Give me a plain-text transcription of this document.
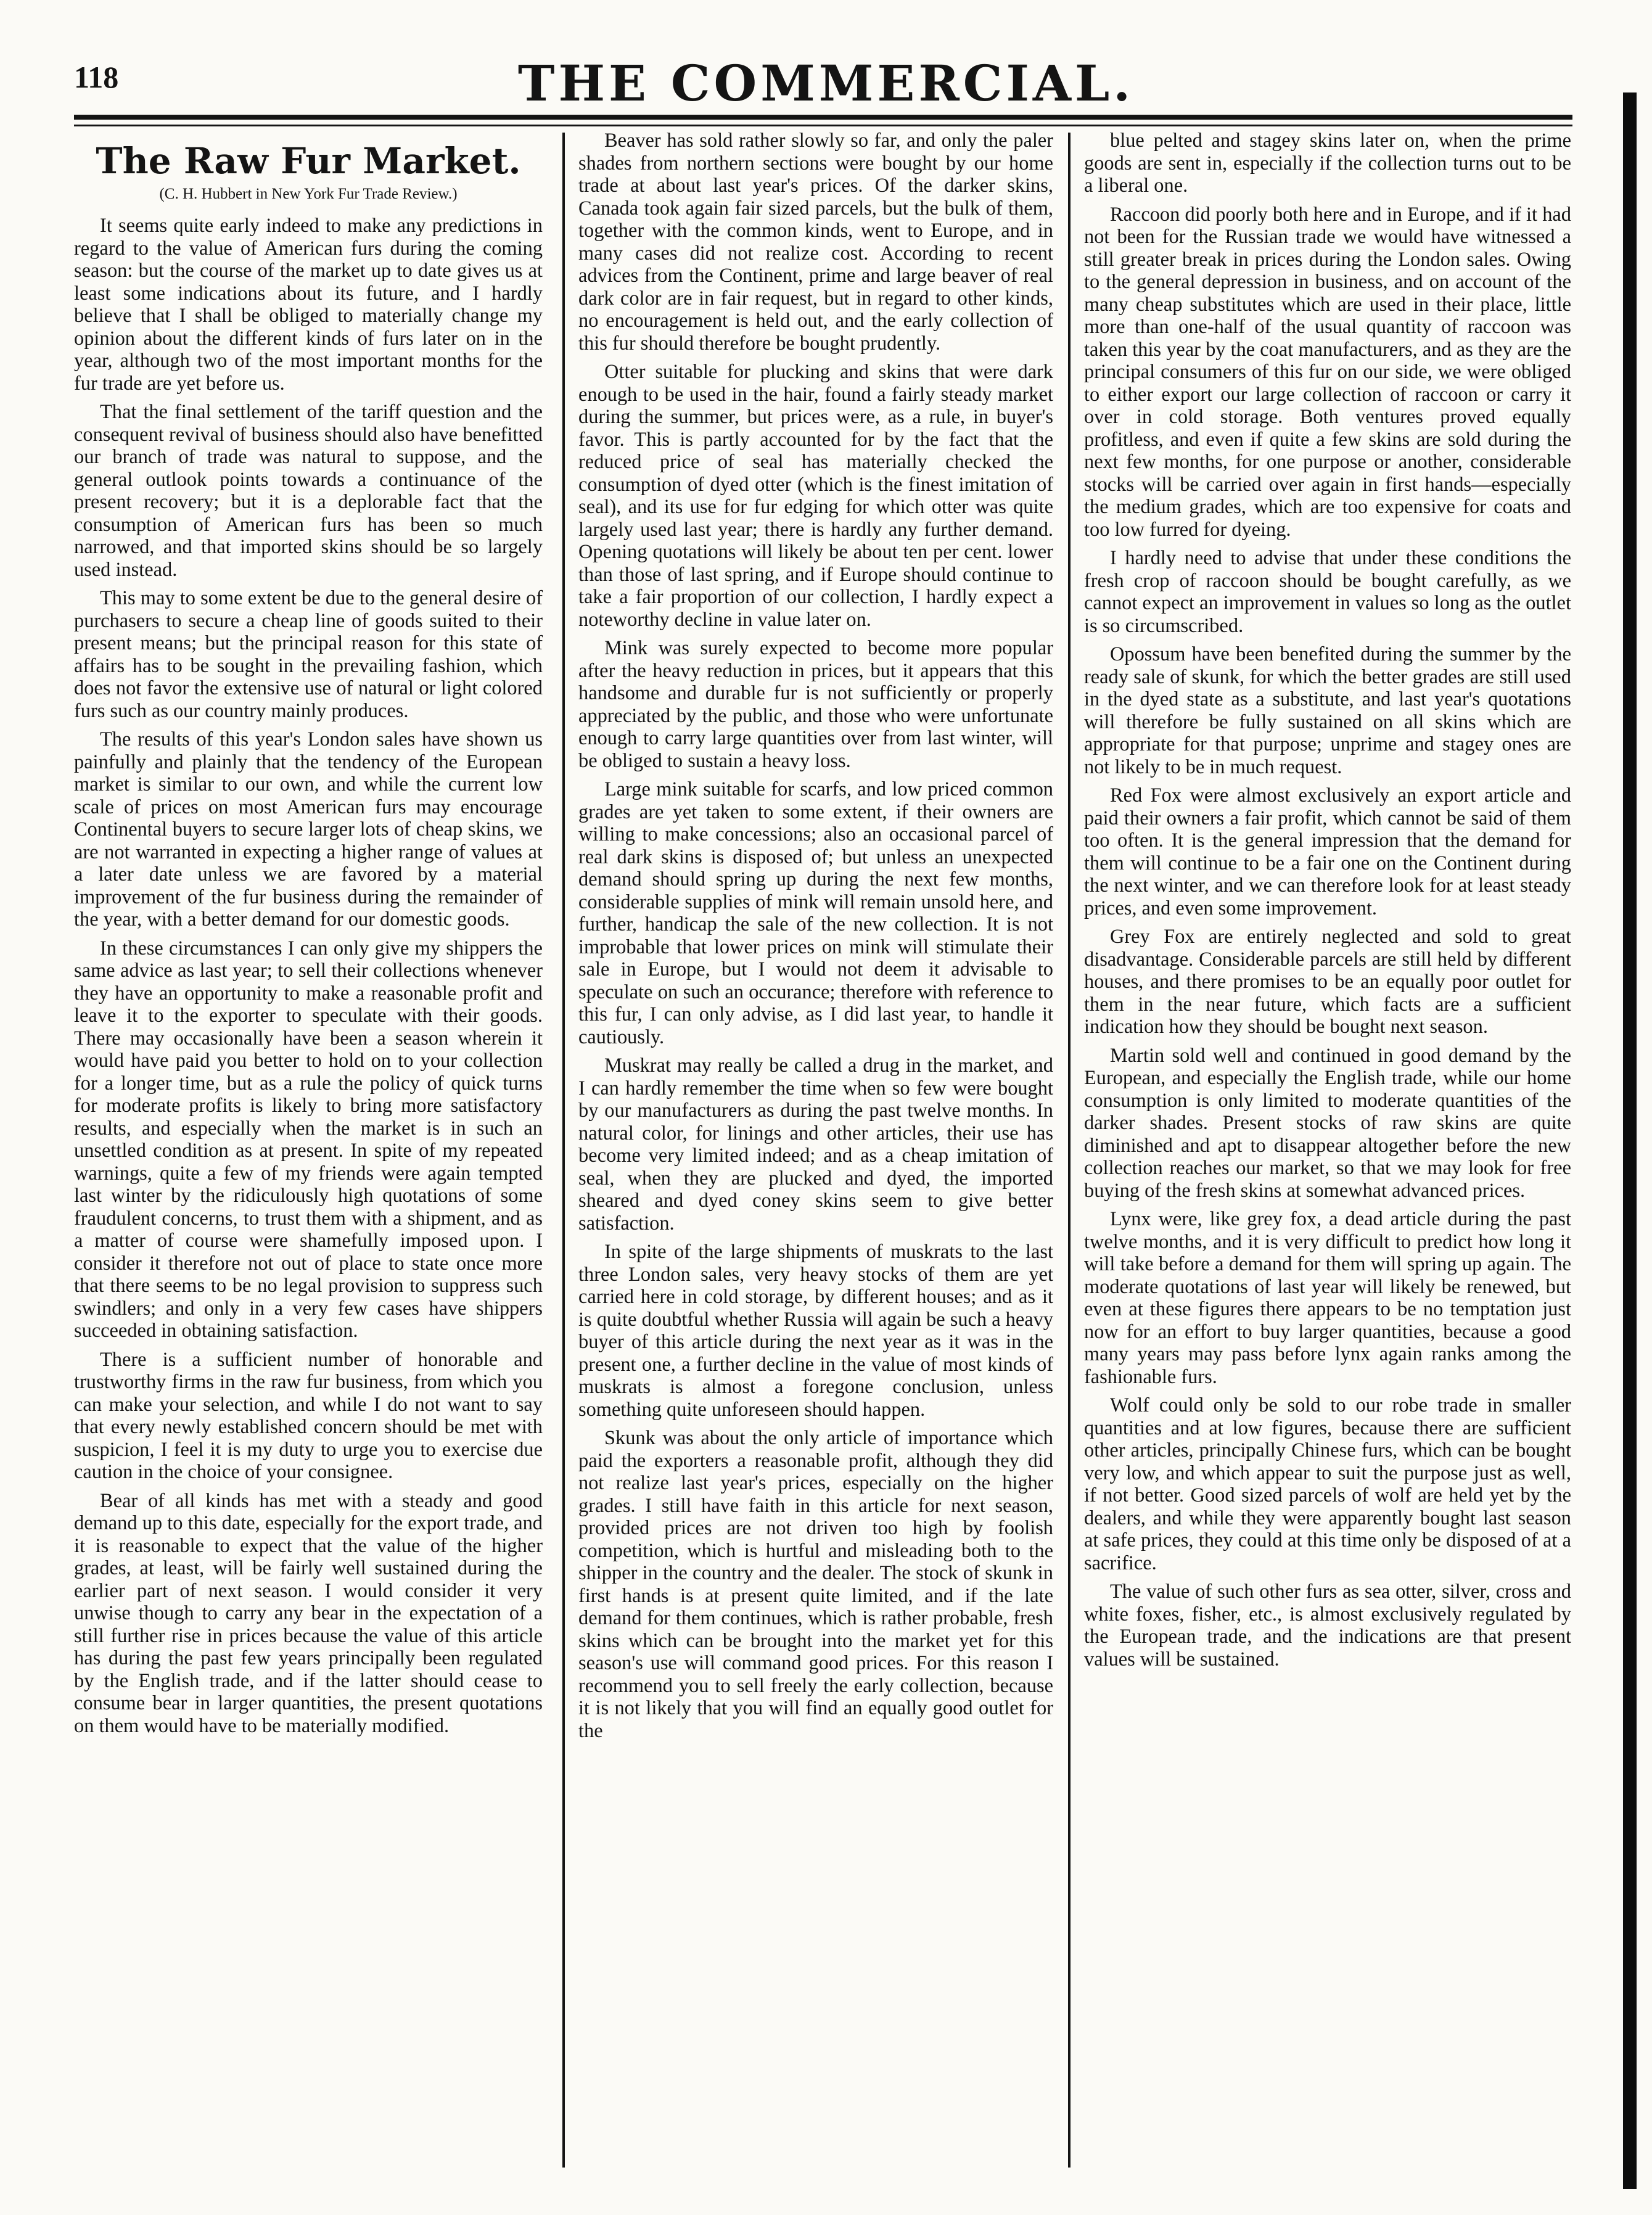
118	THE COMMERCIAL.
The Raw Fur Market.
(C. H. Hubbert in New York Fur Trade Review.)

It seems quite early indeed to make any predictions in regard to the value of American furs during the coming season: but the course of the market up to date gives us at least some indications about its future, and I hardly believe that I shall be obliged to materially change my opinion about the different kinds of furs later on in the year, although two of the most important months for the fur trade are yet before us.

That the final settlement of the tariff question and the consequent revival of business should also have benefitted our branch of trade was natural to suppose, and the general outlook points towards a continuance of the present recovery; but it is a deplorable fact that the consumption of American furs has been so much narrowed, and that imported skins should be so largely used instead.

This may to some extent be due to the general desire of purchasers to secure a cheap line of goods suited to their present means; but the principal reason for this state of affairs has to be sought in the prevailing fashion, which does not favor the extensive use of natural or light colored furs such as our country mainly produces.

The results of this year's London sales have shown us painfully and plainly that the tendency of the European market is similar to our own, and while the current low scale of prices on most American furs may encourage Continental buyers to secure larger lots of cheap skins, we are not warranted in expecting a higher range of values at a later date unless we are favored by a material improvement of the fur business during the remainder of the year, with a better demand for our domestic goods.

In these circumstances I can only give my shippers the same advice as last year; to sell their collections whenever they have an opportunity to make a reasonable profit and leave it to the exporter to speculate with their goods. There may occasionally have been a season wherein it would have paid you better to hold on to your collection for a longer time, but as a rule the policy of quick turns for moderate profits is likely to bring more satisfactory results, and especially when the market is in such an unsettled condition as at present. In spite of my repeated warnings, quite a few of my friends were again tempted last winter by the ridiculously high quotations of some fraudulent concerns, to trust them with a shipment, and as a matter of course were shamefully imposed upon. I consider it therefore not out of place to state once more that there seems to be no legal provision to suppress such swindlers; and only in a very few cases have shippers succeeded in obtaining satisfaction.

There is a sufficient number of honorable and trustworthy firms in the raw fur business, from which you can make your selection, and while I do not want to say that every newly established concern should be met with suspicion, I feel it is my duty to urge you to exercise due caution in the choice of your consignee.

Bear of all kinds has met with a steady and good demand up to this date, especially for the export trade, and it is reasonable to expect that the value of the higher grades, at least, will be fairly well sustained during the earlier part of next season. I would consider it very unwise though to carry any bear in the expectation of a still further rise in prices because the value of this article has during the past few years principally been regulated by the English trade, and if the latter should cease to consume bear in larger quantities, the present quotations on them would have to be materially modified.

Beaver has sold rather slowly so far, and only the paler shades from northern sections were bought by our home trade at about last year's prices. Of the darker skins, Canada took again fair sized parcels, but the bulk of them, together with the common kinds, went to Europe, and in many cases did not realize cost. According to recent advices from the Continent, prime and large beaver of real dark color are in fair request, but in regard to other kinds, no encouragement is held out, and the early collection of this fur should therefore be bought prudently.

Otter suitable for plucking and skins that were dark enough to be used in the hair, found a fairly steady market during the summer, but prices were, as a rule, in buyer's favor. This is partly accounted for by the fact that the reduced price of seal has materially checked the consumption of dyed otter (which is the finest imitation of seal), and its use for fur edging for which otter was quite largely used last year; there is hardly any further demand. Opening quotations will likely be about ten per cent. lower than those of last spring, and if Europe should continue to take a fair proportion of our collection, I hardly expect a noteworthy decline in value later on.

Mink was surely expected to become more popular after the heavy reduction in prices, but it appears that this handsome and durable fur is not sufficiently or properly appreciated by the public, and those who were unfortunate enough to carry large quantities over from last winter, will be obliged to sustain a heavy loss.

Large mink suitable for scarfs, and low priced common grades are yet taken to some extent, if their owners are willing to make concessions; also an occasional parcel of real dark skins is disposed of; but unless an unexpected demand should spring up during the next few months, considerable supplies of mink will remain unsold here, and further, handicap the sale of the new collection. It is not improbable that lower prices on mink will stimulate their sale in Europe, but I would not deem it advisable to speculate on such an occurance; therefore with reference to this fur, I can only advise, as I did last year, to handle it cautiously.

Muskrat may really be called a drug in the market, and I can hardly remember the time when so few were bought by our manufacturers as during the past twelve months. In natural color, for linings and other articles, their use has become very limited indeed; and as a cheap imitation of seal, when they are plucked and dyed, the imported sheared and dyed coney skins seem to give better satisfaction.

In spite of the large shipments of muskrats to the last three London sales, very heavy stocks of them are yet carried here in cold storage, by different houses; and as it is quite doubtful whether Russia will again be such a heavy buyer of this article during the next year as it was in the present one, a further decline in the value of most kinds of muskrats is almost a foregone conclusion, unless something quite unforeseen should happen.

Skunk was about the only article of importance which paid the exporters a reasonable profit, although they did not realize last year's prices, especially on the higher grades. I still have faith in this article for next season, provided prices are not driven too high by foolish competition, which is hurtful and misleading both to the shipper in the country and the dealer. The stock of skunk in first hands is at present quite limited, and if the late demand for them continues, which is rather probable, fresh skins which can be brought into the market yet for this season's use will command good prices. For this reason I recommend you to sell freely the early collection, because it is not likely that you will find an equally good outlet for the

blue pelted and stagey skins later on, when the prime goods are sent in, especially if the collection turns out to be a liberal one.

Raccoon did poorly both here and in Europe, and if it had not been for the Russian trade we would have witnessed a still greater break in prices during the London sales. Owing to the general depression in business, and on account of the many cheap substitutes which are used in their place, little more than one-half of the usual quantity of raccoon was taken this year by the coat manufacturers, and as they are the principal consumers of this fur on our side, we were obliged to either export our large collection of raccoon or carry it over in cold storage. Both ventures proved equally profitless, and even if quite a few skins are sold during the next few months, for one purpose or another, considerable stocks will be carried over again in first hands—especially the medium grades, which are too expensive for coats and too low furred for dyeing.

I hardly need to advise that under these conditions the fresh crop of raccoon should be bought carefully, as we cannot expect an improvement in values so long as the outlet is so circumscribed.

Opossum have been benefited during the summer by the ready sale of skunk, for which the better grades are still used in the dyed state as a substitute, and last year's quotations will therefore be fully sustained on all skins which are appropriate for that purpose; unprime and stagey ones are not likely to be in much request.

Red Fox were almost exclusively an export article and paid their owners a fair profit, which cannot be said of them too often. It is the general impression that the demand for them will continue to be a fair one on the Continent during the next winter, and we can therefore look for at least steady prices, and even some improvement.

Grey Fox are entirely neglected and sold to great disadvantage. Considerable parcels are still held by different houses, and there promises to be an equally poor outlet for them in the near future, which facts are a sufficient indication how they should be bought next season.

Martin sold well and continued in good demand by the European, and especially the English trade, while our home consumption is only limited to moderate quantities of the darker shades. Present stocks of raw skins are quite diminished and apt to disappear altogether before the new collection reaches our market, so that we may look for free buying of the fresh skins at somewhat advanced prices.

Lynx were, like grey fox, a dead article during the past twelve months, and it is very difficult to predict how long it will take before a demand for them will spring up again. The moderate quotations of last year will likely be renewed, but even at these figures there appears to be no temptation just now for an effort to buy larger quantities, because a good many years may pass before lynx again ranks among the fashionable furs.

Wolf could only be sold to our robe trade in smaller quantities and at low figures, because there are sufficient other articles, principally Chinese furs, which can be bought very low, and which appear to suit the purpose just as well, if not better. Good sized parcels of wolf are held yet by the dealers, and while they were apparently bought last season at safe prices, they could at this time only be disposed of at a sacrifice.

The value of such other furs as sea otter, silver, cross and white foxes, fisher, etc., is almost exclusively regulated by the European trade, and the indications are that present values will be sustained.
